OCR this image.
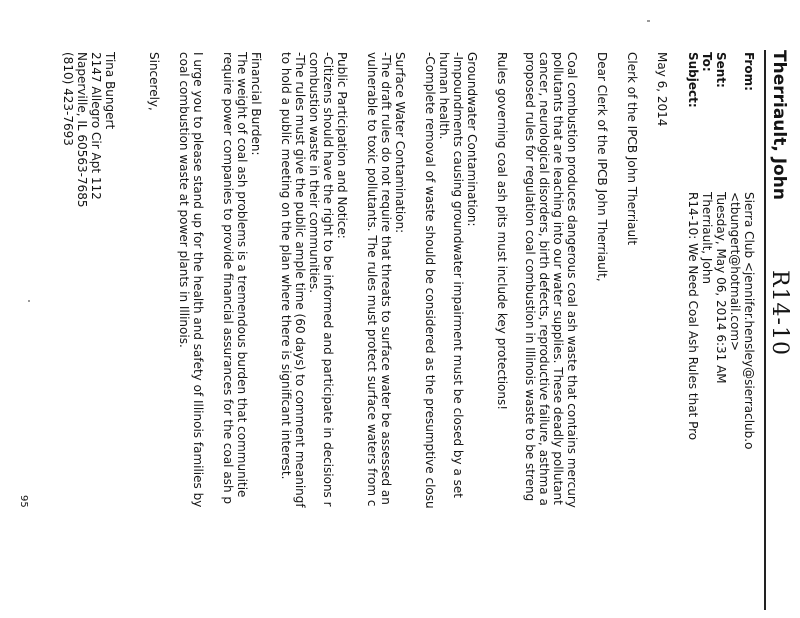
Therriault, John
R14-10
From:
Sierra Club <jennifer.hensley@sierraclub.o
<tbungert@hotmail.com>
Sent:
Tuesday, May 06, 2014 6:31 AM
To:
Therriault, John
Subject:
R14-10: We Need Coal Ash Rules that Pro
May 6, 2014
Clerk of the IPCB John Therriault
Dear Clerk of the IPCB John Therriault,
Coal combustion produces dangerous coal ash waste that contains mercury
pollutants that are leaching into our water supplies. These deadly pollutant
cancer, neurological disorders, birth defects, reproductive failure, asthma a
proposed rules for regulation coal combustion in Illinois waste to be streng
Rules governing coal ash pits must include key protections!
Groundwater Contamination:
-Impoundments causing groundwater impairment must be closed by a set
human health.
-Complete removal of waste should be considered as the presumptive closu
Surface Water Contamination:
-The draft rules do not require that threats to surface water be assessed an
vulnerable to toxic pollutants. The rules must protect surface waters from c
Public Participation and Notice:
-Citizens should have the right to be informed and participate in decisions r
combustion waste in their communities.
-The rules must give the public ample time (60 days) to comment meaningf
to hold a public meeting on the plan where there is significant interest.
Financial Burden:
The weight of coal ash problems is a tremendous burden that communitie
require power companies to provide financial assurances for the coal ash p
I urge you to please stand up for the health and safety of Illinois families by
coal combustion waste at power plants in Illinois.
Sincerely,
Tina Bungert
2147 Allegro Cir Apt 112
Naperville, IL 60563-7685
(810) 423-7693
95
